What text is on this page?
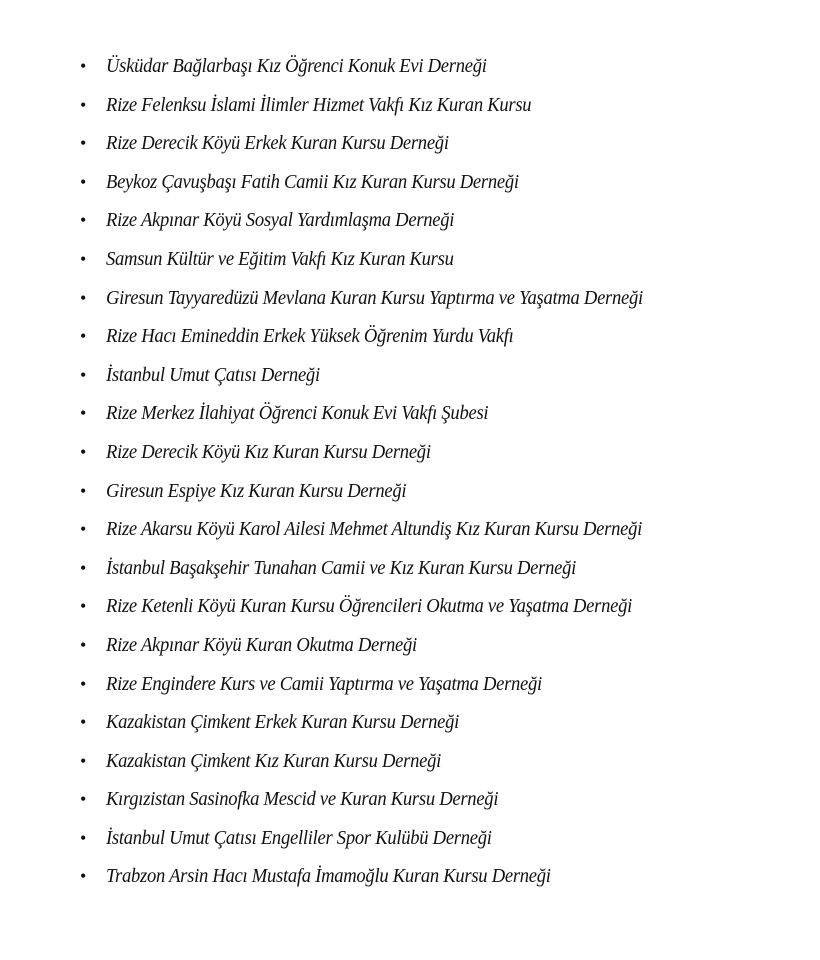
• Üsküdar Bağlarbaşı Kız Öğrenci Konuk Evi Derneği
• Rize Felenksu İslami İlimler Hizmet Vakfı Kız Kuran Kursu
• Rize Derecik Köyü Erkek Kuran Kursu Derneği
• Beykoz Çavuşbaşı Fatih Camii Kız Kuran Kursu Derneği
• Rize Akpınar Köyü Sosyal Yardımlaşma Derneği
• Samsun Kültür ve Eğitim Vakfı Kız Kuran Kursu
• Giresun Tayyaredüzü Mevlana Kuran Kursu Yaptırma ve Yaşatma Derneği
• Rize Hacı Emineddin Erkek Yüksek Öğrenim Yurdu Vakfı
• İstanbul Umut Çatısı Derneği
• Rize Merkez İlahiyat Öğrenci Konuk Evi Vakfı Şubesi
• Rize Derecik Köyü Kız Kuran Kursu Derneği
• Giresun Espiye Kız Kuran Kursu Derneği
• Rize Akarsu Köyü Karol Ailesi Mehmet Altundiş Kız Kuran Kursu Derneği
• İstanbul Başakşehir Tunahan Camii ve Kız Kuran Kursu Derneği
• Rize Ketenli Köyü Kuran Kursu Öğrencileri Okutma ve Yaşatma Derneği
• Rize Akpınar Köyü Kuran Okutma Derneği
• Rize Engindere Kurs ve Camii Yaptırma ve Yaşatma Derneği
• Kazakistan Çimkent Erkek Kuran Kursu Derneği
• Kazakistan Çimkent Kız Kuran Kursu Derneği
• Kırgızistan Sasinofka Mescid ve Kuran Kursu Derneği
• İstanbul Umut Çatısı Engelliler Spor Kulübü Derneği
• Trabzon Arsin Hacı Mustafa İmamoğlu Kuran Kursu Derneği
